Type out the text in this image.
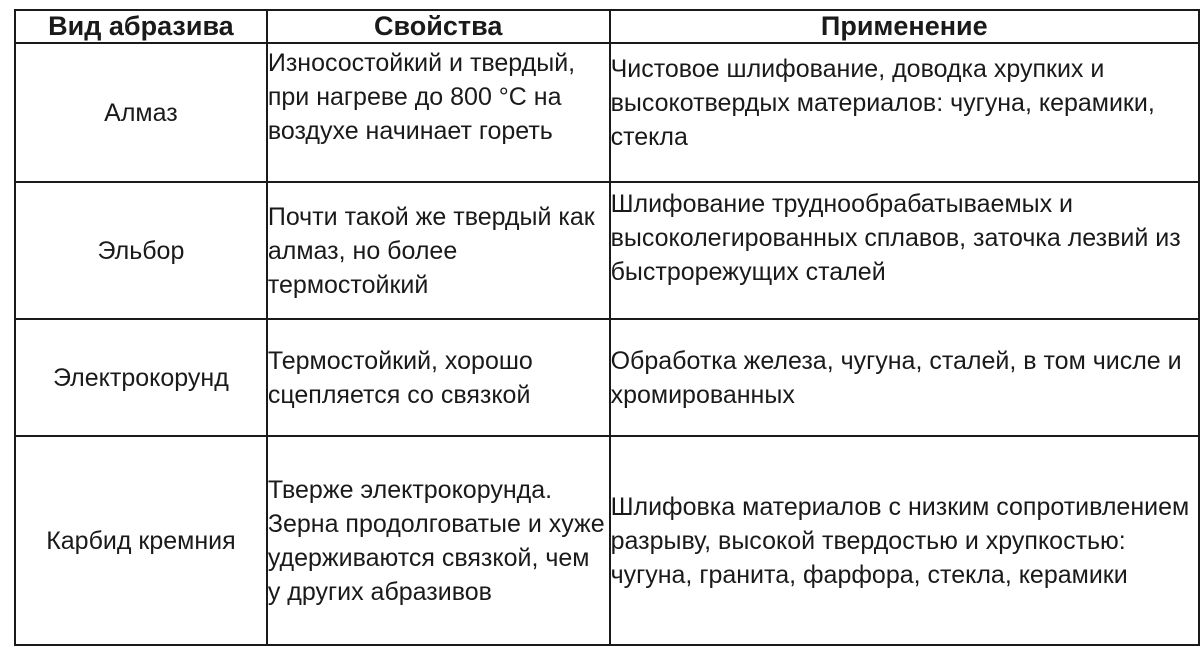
Вид абразива	Свойства	Применение
Алмаз	Износостойкий и твердый, при нагреве до 800 °С на воздухе начинает гореть	Чистовое шлифование, доводка хрупких и высокотвердых материалов: чугуна, керамики, стекла
Эльбор	Почти такой же твердый как алмаз, но более термостойкий	Шлифование труднообрабатываемых и высоколегированных сплавов, заточка лезвий из быстрорежущих сталей
Электрокорунд	Термостойкий, хорошо сцепляется со связкой	Обработка железа, чугуна, сталей, в том числе и хромированных
Карбид кремния	Тверже электрокорунда. Зерна продолговатые и хуже удерживаются связкой, чем у других абразивов	Шлифовка материалов с низким сопротивлением разрыву, высокой твердостью и хрупкостью: чугуна, гранита, фарфора, стекла, керамики
